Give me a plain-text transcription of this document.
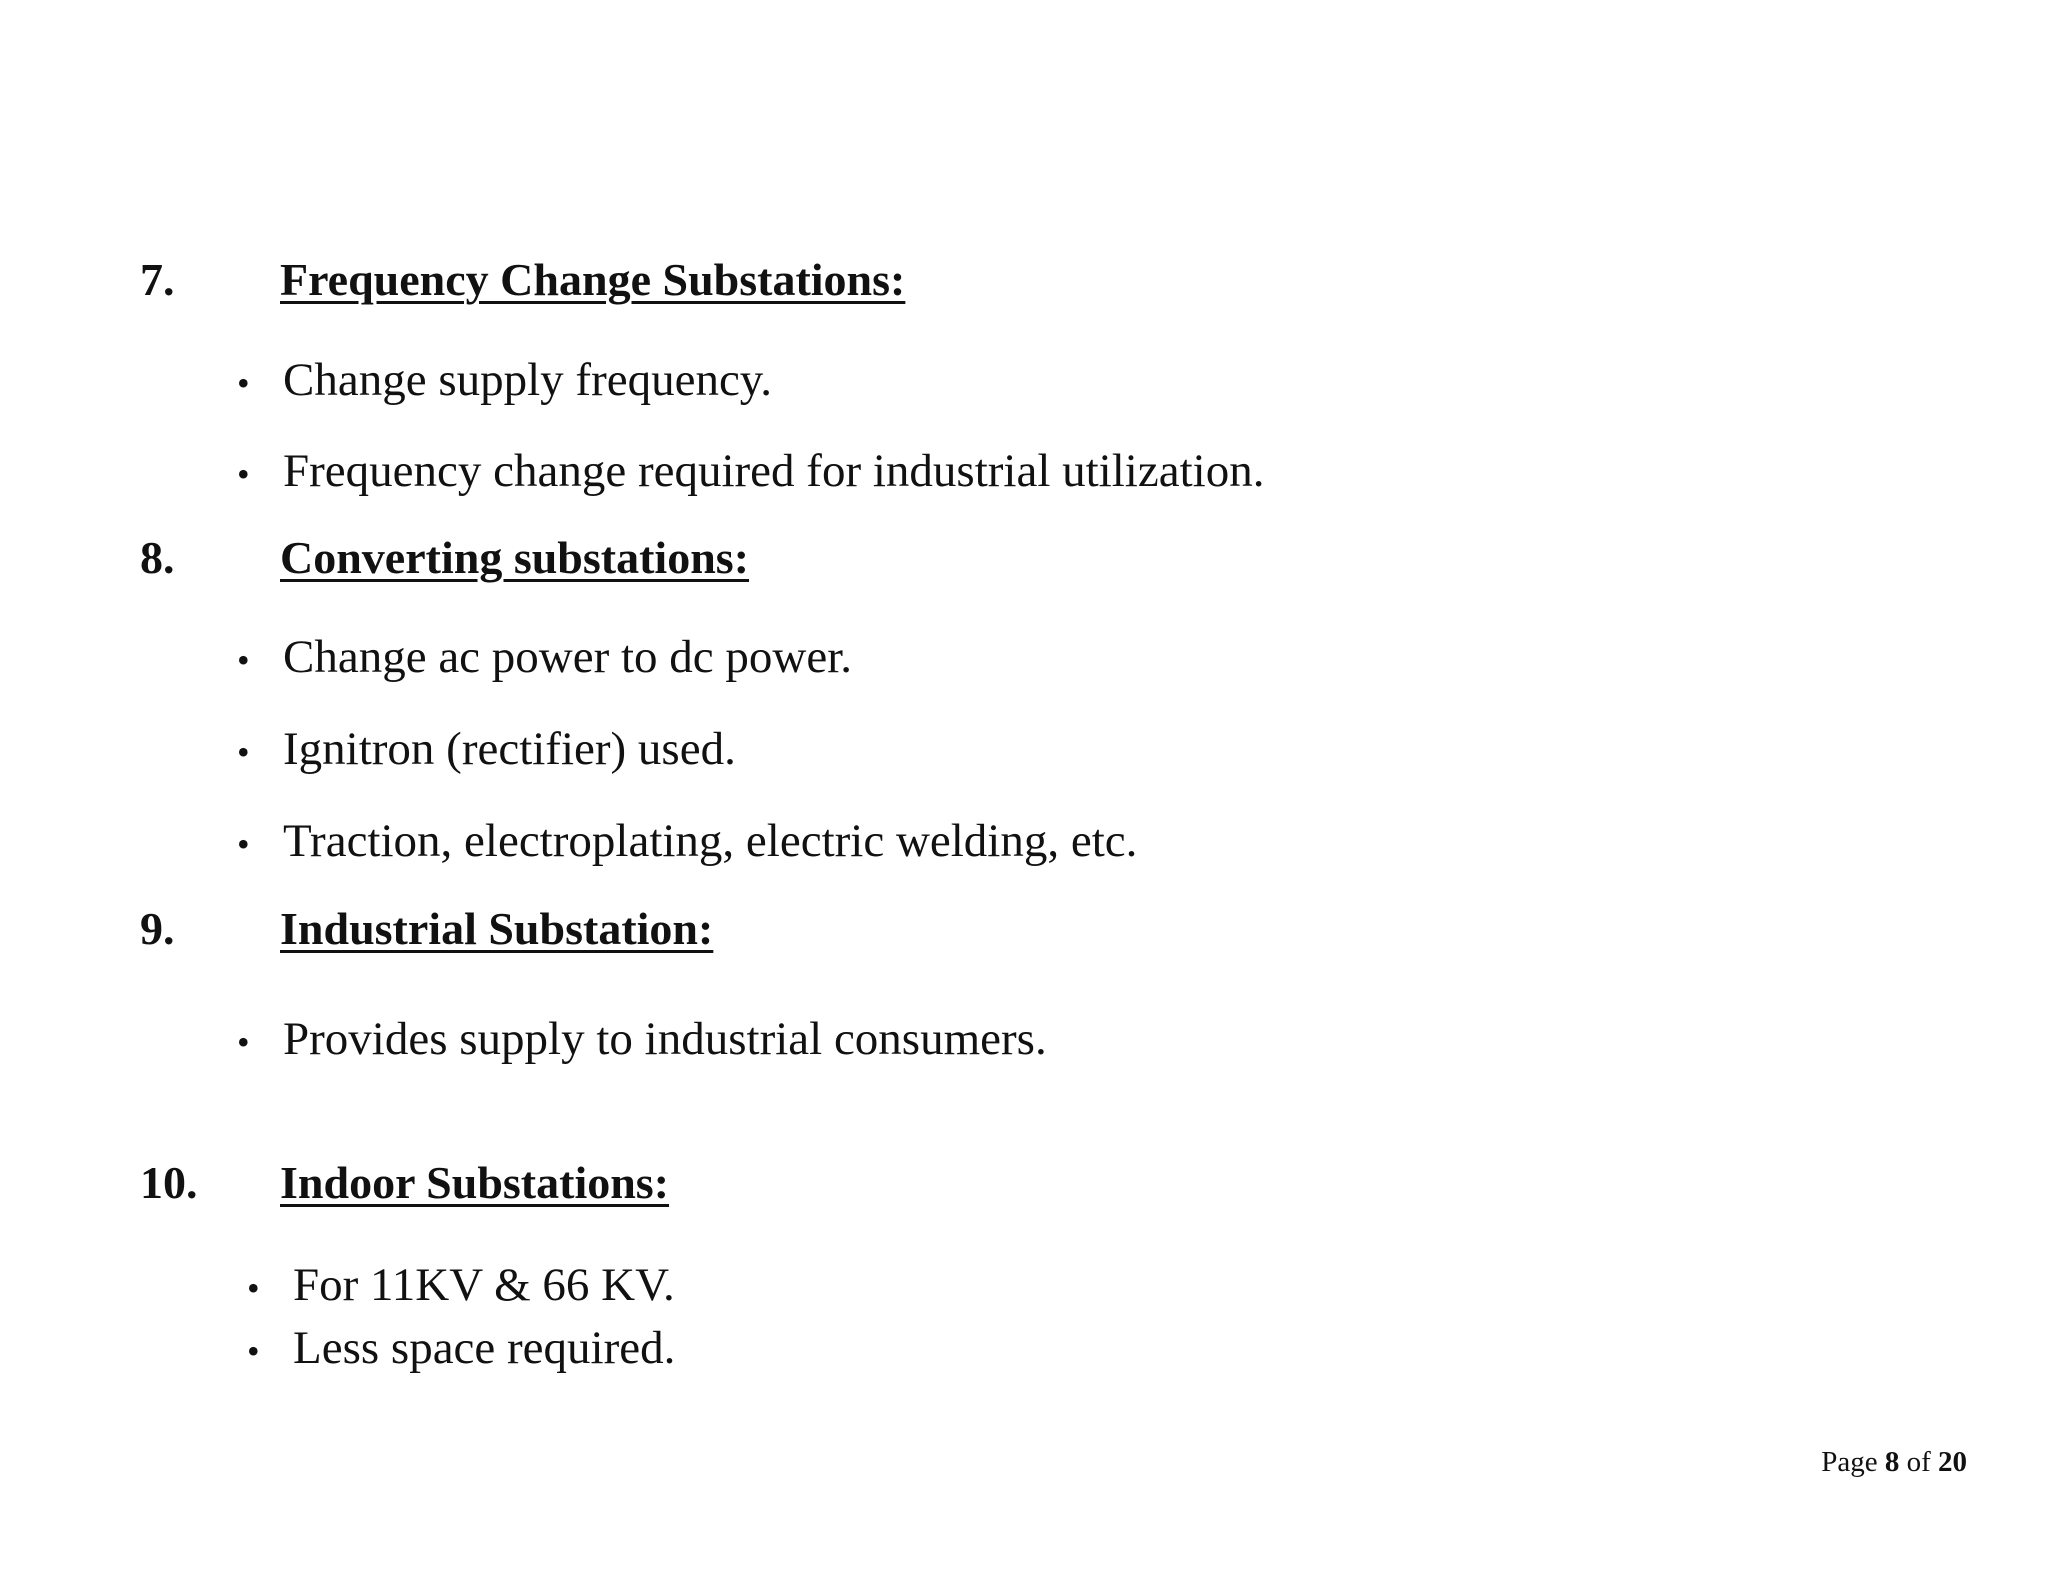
7.	Frequency Change Substations:
• Change supply frequency.
• Frequency change required for industrial utilization.
8.	Converting substations:
• Change ac power to dc power.
• Ignitron (rectifier) used.
• Traction, electroplating, electric welding, etc.
9.	Industrial Substation:
• Provides supply to industrial consumers.
10.	Indoor Substations:
• For 11KV & 66 KV.
• Less space required.
Page 8 of 20
